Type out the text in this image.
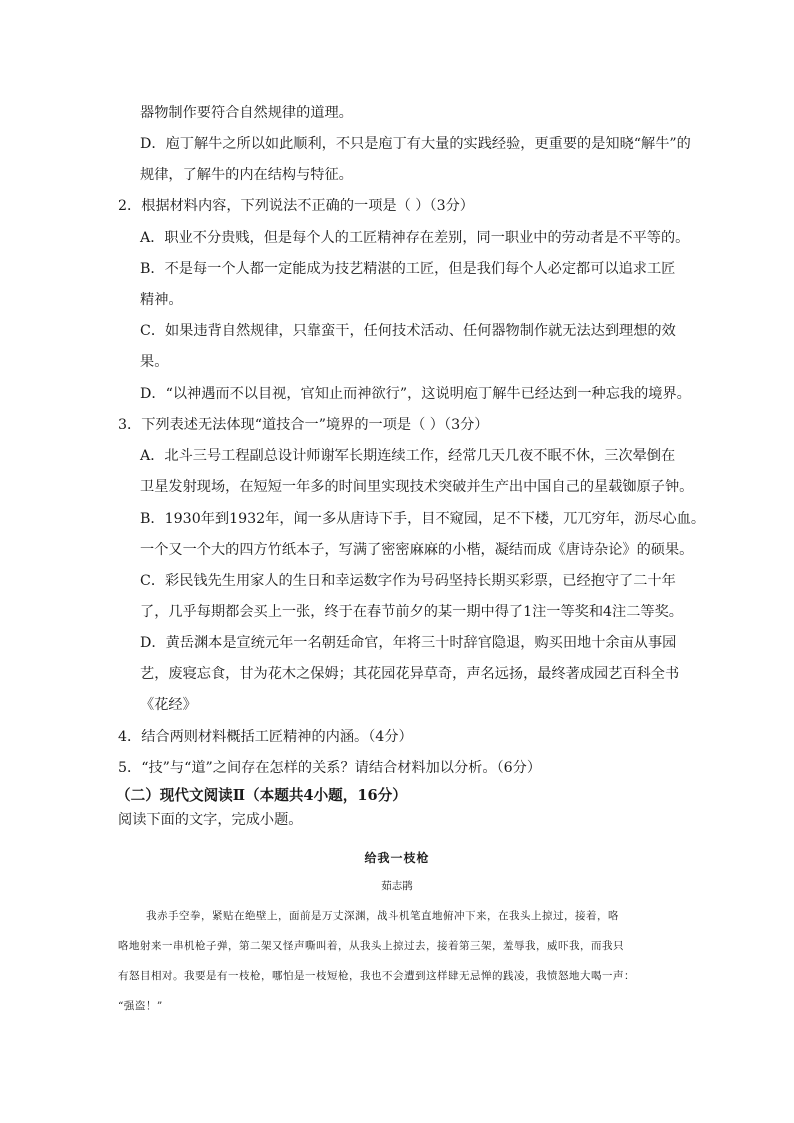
器物制作要符合自然规律的道理。
D．庖丁解牛之所以如此顺利，不只是庖丁有大量的实践经验，更重要的是知晓“解牛”的
规律，了解牛的内在结构与特征。
2．根据材料内容，下列说法不正确的一项是（ ）（3分）
A．职业不分贵贱，但是每个人的工匠精神存在差别，同一职业中的劳动者是不平等的。
B．不是每一个人都一定能成为技艺精湛的工匠，但是我们每个人必定都可以追求工匠
精神。
C．如果违背自然规律，只靠蛮干，任何技术活动、任何器物制作就无法达到理想的效
果。
D．“以神遇而不以目视，官知止而神欲行”，这说明庖丁解牛已经达到一种忘我的境界。
3．下列表述无法体现“道技合一”境界的一项是（ ）（3分）
A．北斗三号工程副总设计师谢军长期连续工作，经常几天几夜不眠不休，三次晕倒在
卫星发射现场，在短短一年多的时间里实现技术突破并生产出中国自己的星载铷原子钟。
B．1930年到1932年，闻一多从唐诗下手，目不窥园，足不下楼，兀兀穷年，沥尽心血。
一个又一个大的四方竹纸本子，写满了密密麻麻的小楷，凝结而成《唐诗杂论》的硕果。
C．彩民钱先生用家人的生日和幸运数字作为号码坚持长期买彩票，已经抱守了二十年
了，几乎每期都会买上一张，终于在春节前夕的某一期中得了1注一等奖和4注二等奖。
D．黄岳渊本是宣统元年一名朝廷命官，年将三十时辞官隐退，购买田地十余亩从事园
艺，废寝忘食，甘为花木之保姆；其花园花异草奇，声名远扬，最终著成园艺百科全书
《花经》
4．结合两则材料概括工匠精神的内涵。（4分）
5．“技”与“道”之间存在怎样的关系？请结合材料加以分析。（6分）
（二）现代文阅读Ⅱ（本题共4小题，16分）
阅读下面的文字，完成小题。
给我一枝枪
茹志鹃
我赤手空拳，紧贴在绝壁上，面前是万丈深渊，战斗机笔直地俯冲下来，在我头上掠过，接着，咯
咯地射来一串机枪子弹，第二架又怪声嘶叫着，从我头上掠过去，接着第三架，羞辱我，威吓我，而我只
有怒目相对。我要是有一枝枪，哪怕是一枝短枪，我也不会遭到这样肆无忌惮的践凌，我愤怒地大喝一声：
“强盗！”
